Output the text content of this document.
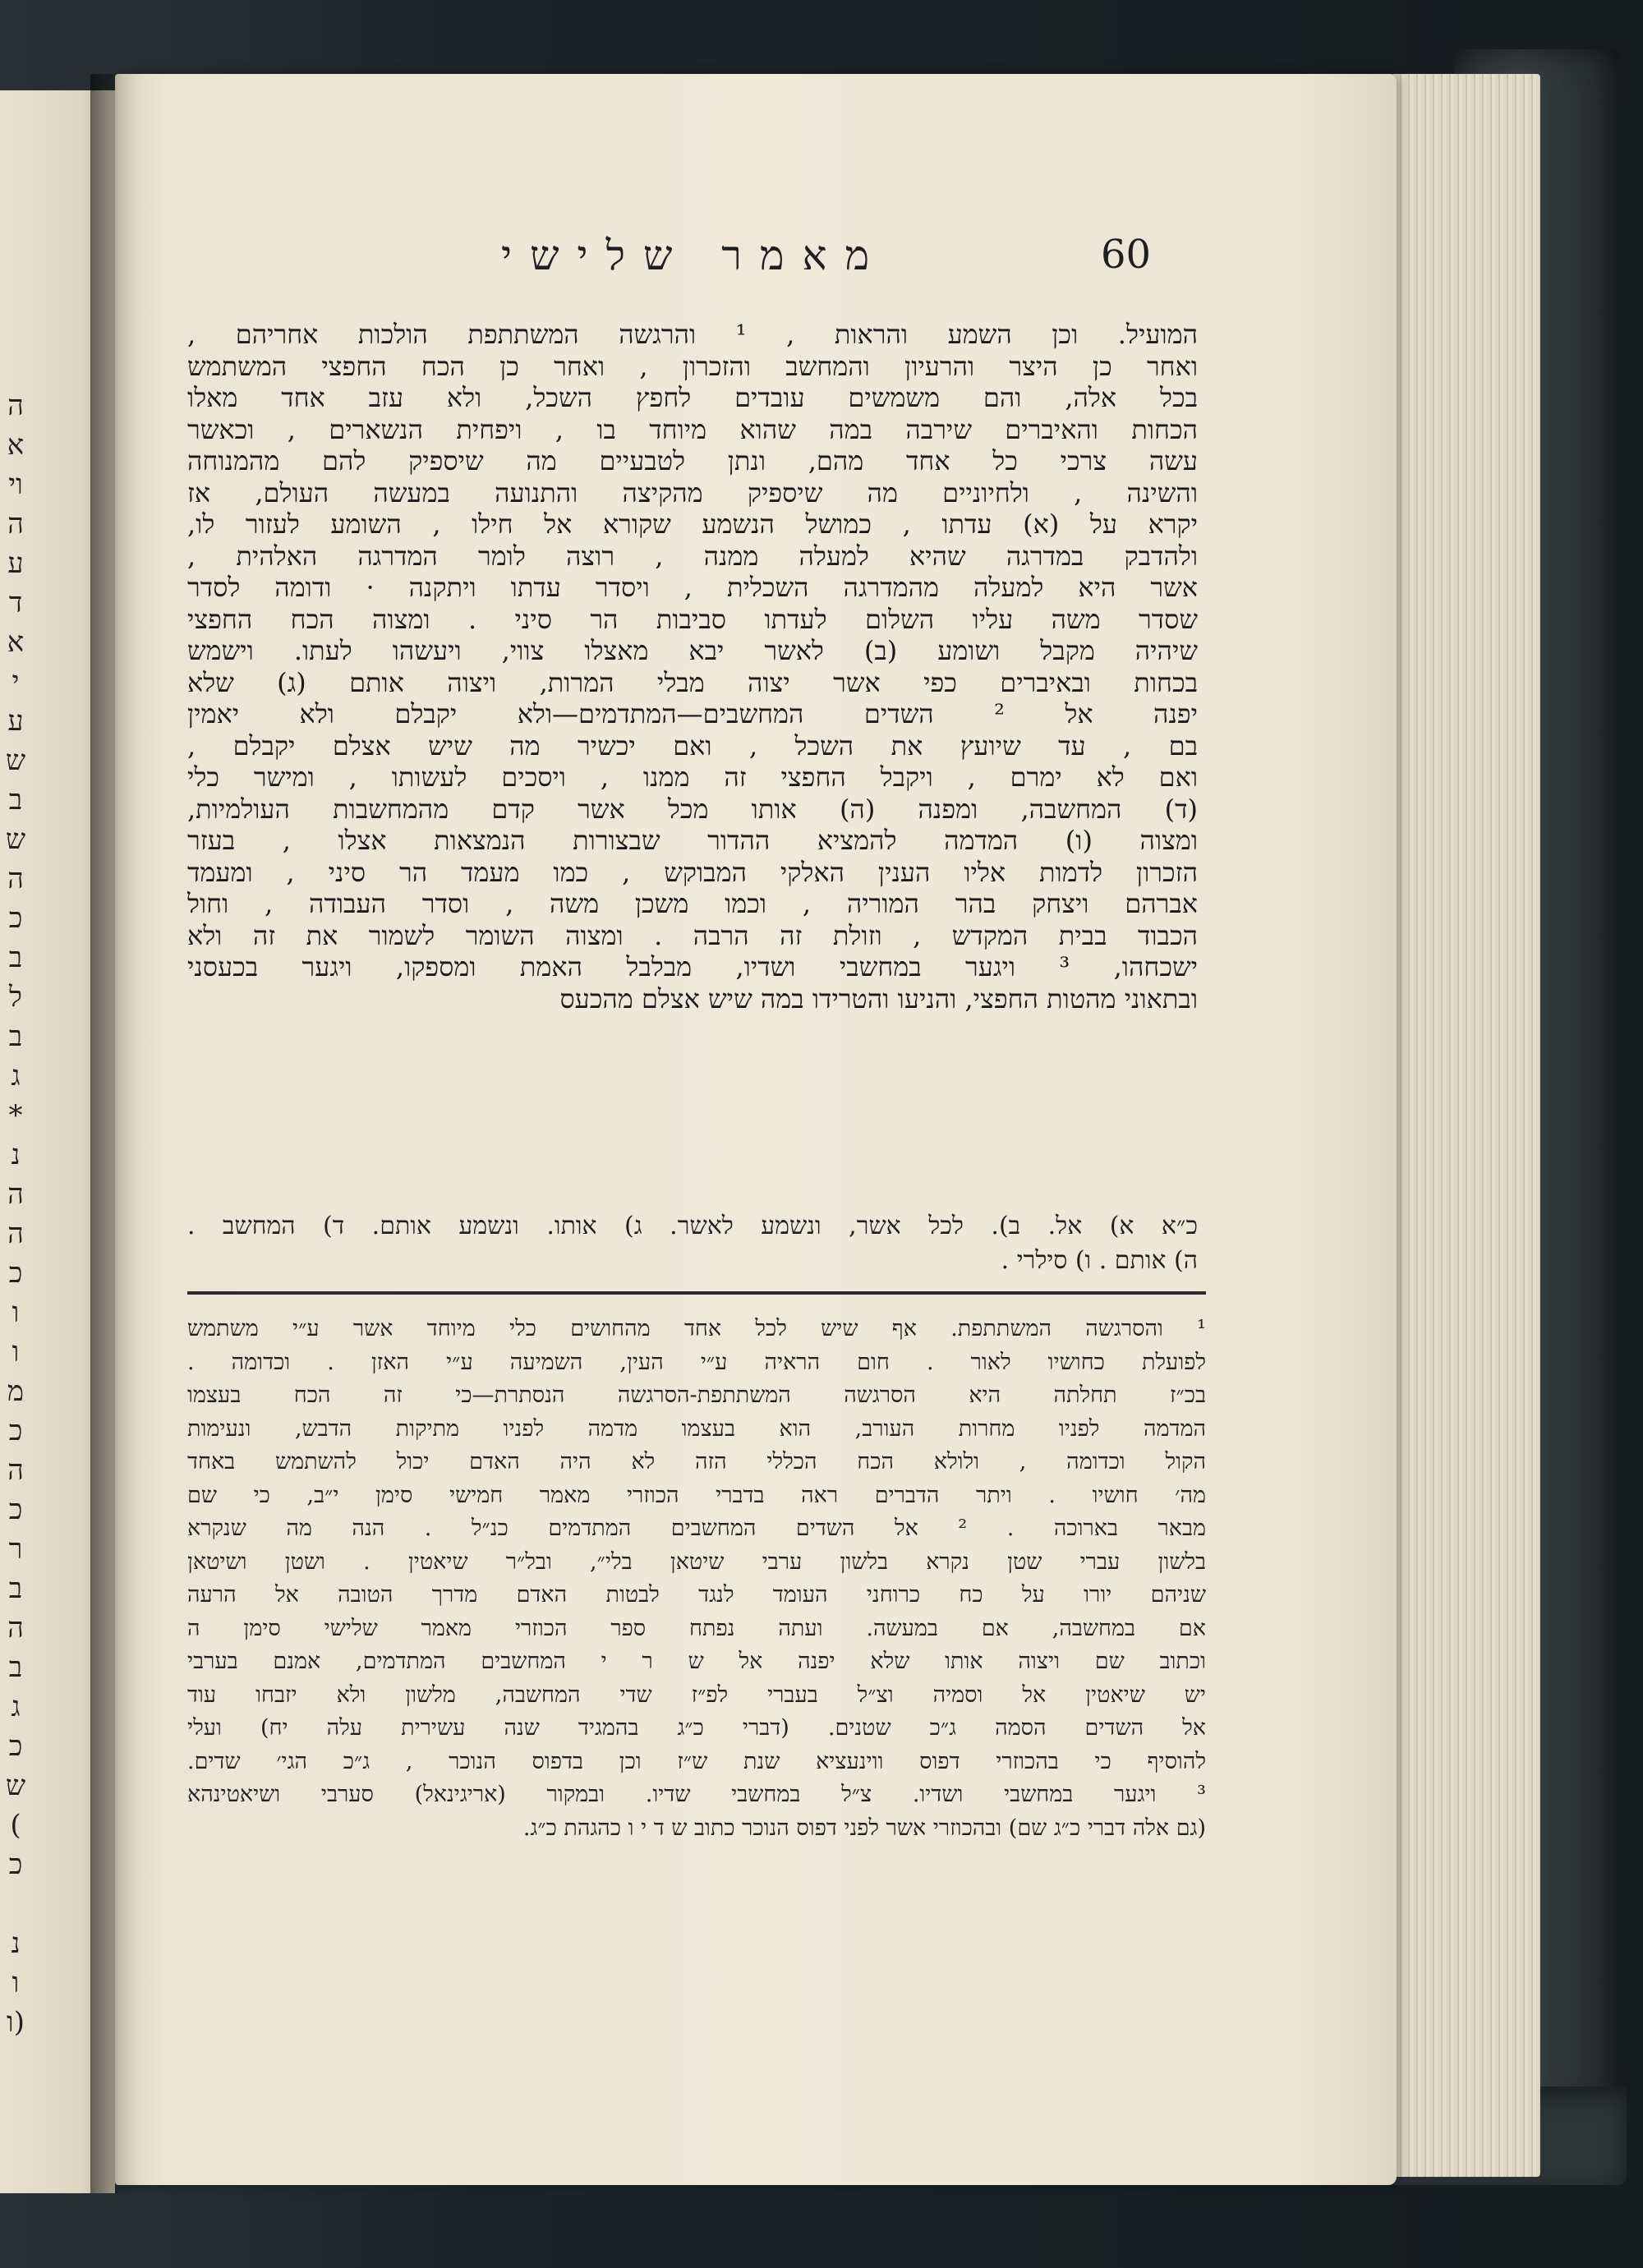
ה
א
וי
ה
ע
ד
א
י
ע
ש
ב
ש
ה
כ
ב
ל
ב
ג
*
נ
ה
ה
כ
ו
ו
מ
כ
ה
כ
ר
ב
ה
ב
ג
כ
ש
(
כ
נ
ו
ו)
מאמר שלישי	60
המועיל. וכן השמע והראות , ¹ והרגשה המשתתפת הולכות אחריהם ,
ואחר כן היצר והרעיון והמחשב והזכרון , ואחר כן הכח החפצי המשתמש
בכל אלה, והם משמשים עובדים לחפץ השכל, ולא עזב אחד מאלו
הכחות והאיברים שירבה במה שהוא מיוחד בו , ויפחית הנשארים , וכאשר
עשה צרכי כל אחד מהם, ונתן לטבעיים מה שיספיק להם מהמנוחה
והשינה , ולחיוניים מה שיספיק מהקיצה והתנועה במעשה העולם, אז
יקרא על (א) עדתו , כמושל הנשמע שקורא אל חילו , השומע לעזור לו,
ולהדבק במדרגה שהיא למעלה ממנה , רוצה לומר המדרגה האלהית ,
אשר היא למעלה מהמדרגה השכלית , ויסדר עדתו ויתקנה · ודומה לסדר
שסדר משה עליו השלום לעדתו סביבות הר סיני . ומצוה הכח החפצי
שיהיה מקבל ושומע (ב) לאשר יבא מאצלו צווי, ויעשהו לעתו. וישמש
בכחות ובאיברים כפי אשר יצוה מבלי המרות, ויצוה אותם (ג) שלא
יפנה אל ² השדים המחשבים—המתדמים—ולא יקבלם ולא יאמין
בם , עד שיועץ את השכל , ואם יכשיר מה שיש אצלם יקבלם ,
ואם לא ימרם , ויקבל החפצי זה ממנו , ויסכים לעשותו , ומישר כלי
(ד) המחשבה, ומפנה (ה) אותו מכל אשר קדם מהמחשבות העולמיות,
ומצוה (ו) המדמה להמציא ההדור שבצורות הנמצאות אצלו , בעזר
הזכרון לדמות אליו הענין האלקי המבוקש , כמו מעמד הר סיני , ומעמד
אברהם ויצחק בהר המוריה , וכמו משכן משה , וסדר העבודה , וחול
הכבוד בבית המקדש , וזולת זה הרבה . ומצוה השומר לשמור את זה ולא
ישכחהו, ³ ויגער במחשבי ושדיו, מבלבל האמת ומספקו, ויגער בכעסני
ובתאוני מהטות החפצי, והניעו והטרידו במה שיש אצלם מהכעס
כ״א א) אל. ב). לכל אשר, ונשמע לאשר. ג) אותו. ונשמע אותם. ד) המחשב .
ה) אותם . ו) סילרי .
¹ והסרגשה המשתתפת. אף שיש לכל אחד מהחושים כלי מיוחד אשר ע״י משתמש
לפועלת כחושיו לאור . חום הראיה ע״י העין, השמיעה ע״י האזן . וכדומה .
בכ״ז תחלתה היא הסרגשה המשתתפת-הסרגשה הנסתרת—כי זה הכח בעצמו
המדמה לפניו מחרות העורב, הוא בעצמו מדמה לפניו מתיקות הדבש, ונעימות
הקול וכדומה , ולולא הכח הכללי הזה לא היה האדם יכול להשתמש באחד
מה׳ חושיו . ויתר הדברים ראה בדברי הכוזרי מאמר חמישי סימן י״ב, כי שם
מבאר בארוכה . ² אל השדים המחשבים המתדמים כנ״ל . הנה מה שנקרא
בלשון עברי שטן נקרא בלשון ערבי שיטאן בלי״, ובל״ר שיאטין . ושטן ושיטאן
שניהם יורו על כח כרוחני העומד לנגד לבטות האדם מדרך הטובה אל הרעה
אם במחשבה, אם במעשה. ועתה נפתח ספר הכוזרי מאמר שלישי סימן ה
וכתוב שם ויצוה אותו שלא יפנה אל ש ר י המחשבים המתדמים, אמנם בערבי
יש שיאטין אל וסמיה וצ״ל בעברי לפ״ז שדי המחשבה, מלשון ולא יזבחו עוד
אל השדים הסמה ג״כ שטנים. (דברי כ״ג בהמגיד שנה עשירית עלה יח) ועלי
להוסיף כי בהכוזרי דפוס ווינעציא שנת ש״ז וכן בדפוס הנוכר , ג״כ הגי׳ שדים.
³ ויגער במחשבי ושדיו. צ״ל במחשבי שדיו. ובמקור (אריגינאל) סערבי ושיאטינהא
(גם אלה דברי כ״ג שם) ובהכוזרי אשר לפני דפוס הנוכר כתוב ש ד י ו כהגהת כ״ג.
